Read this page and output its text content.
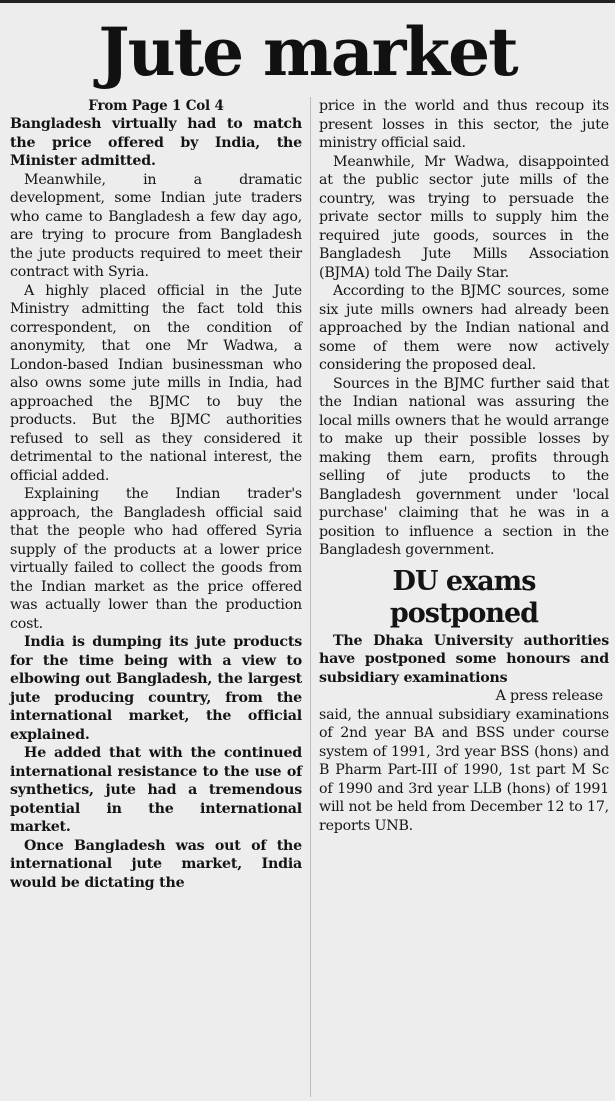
Jute market

From Page 1 Col 4

Bangladesh virtually had to match the price offered by India, the Minister admitted.

Meanwhile, in a dramatic development, some Indian jute traders who came to Bangladesh a few day ago, are trying to procure from Bangladesh the jute products required to meet their contract with Syria.

A highly placed official in the Jute Ministry admitting the fact told this correspondent, on the condition of anonymity, that one Mr Wadwa, a London-based Indian businessman who also owns some jute mills in India, had approached the BJMC to buy the products. But the BJMC authorities refused to sell as they considered it detrimental to the national interest, the official added.

Explaining the Indian trader's approach, the Bangladesh official said that the people who had offered Syria supply of the products at a lower price virtually failed to collect the goods from the Indian market as the price offered was actually lower than the production cost.

India is dumping its jute products for the time being with a view to elbowing out Bangladesh, the largest jute producing country, from the international market, the official explained.

He added that with the continued international resistance to the use of synthetics, jute had a tremendous potential in the international market.

Once Bangladesh was out of the international jute market, India would be dictating the

price in the world and thus recoup its present losses in this sector, the jute ministry official said.

Meanwhile, Mr Wadwa, disappointed at the public sector jute mills of the country, was trying to persuade the private sector mills to supply him the required jute goods, sources in the Bangladesh Jute Mills Association (BJMA) told The Daily Star.

According to the BJMC sources, some six jute mills owners had already been approached by the Indian national and some of them were now actively considering the proposed deal.

Sources in the BJMC further said that the Indian national was assuring the local mills owners that he would arrange to make up their possible losses by making them earn, profits through selling of jute products to the Bangladesh government under 'local purchase' claiming that he was in a position to influence a section in the Bangladesh government.

DU exams
postponed

The Dhaka University authorities have postponed some honours and subsidiary examinations

A press release

said, the annual subsidiary examinations of 2nd year BA and BSS under course system of 1991, 3rd year BSS (hons) and B Pharm Part-III of 1990, 1st part M Sc of 1990 and 3rd year LLB (hons) of 1991 will not be held from December 12 to 17, reports UNB.
